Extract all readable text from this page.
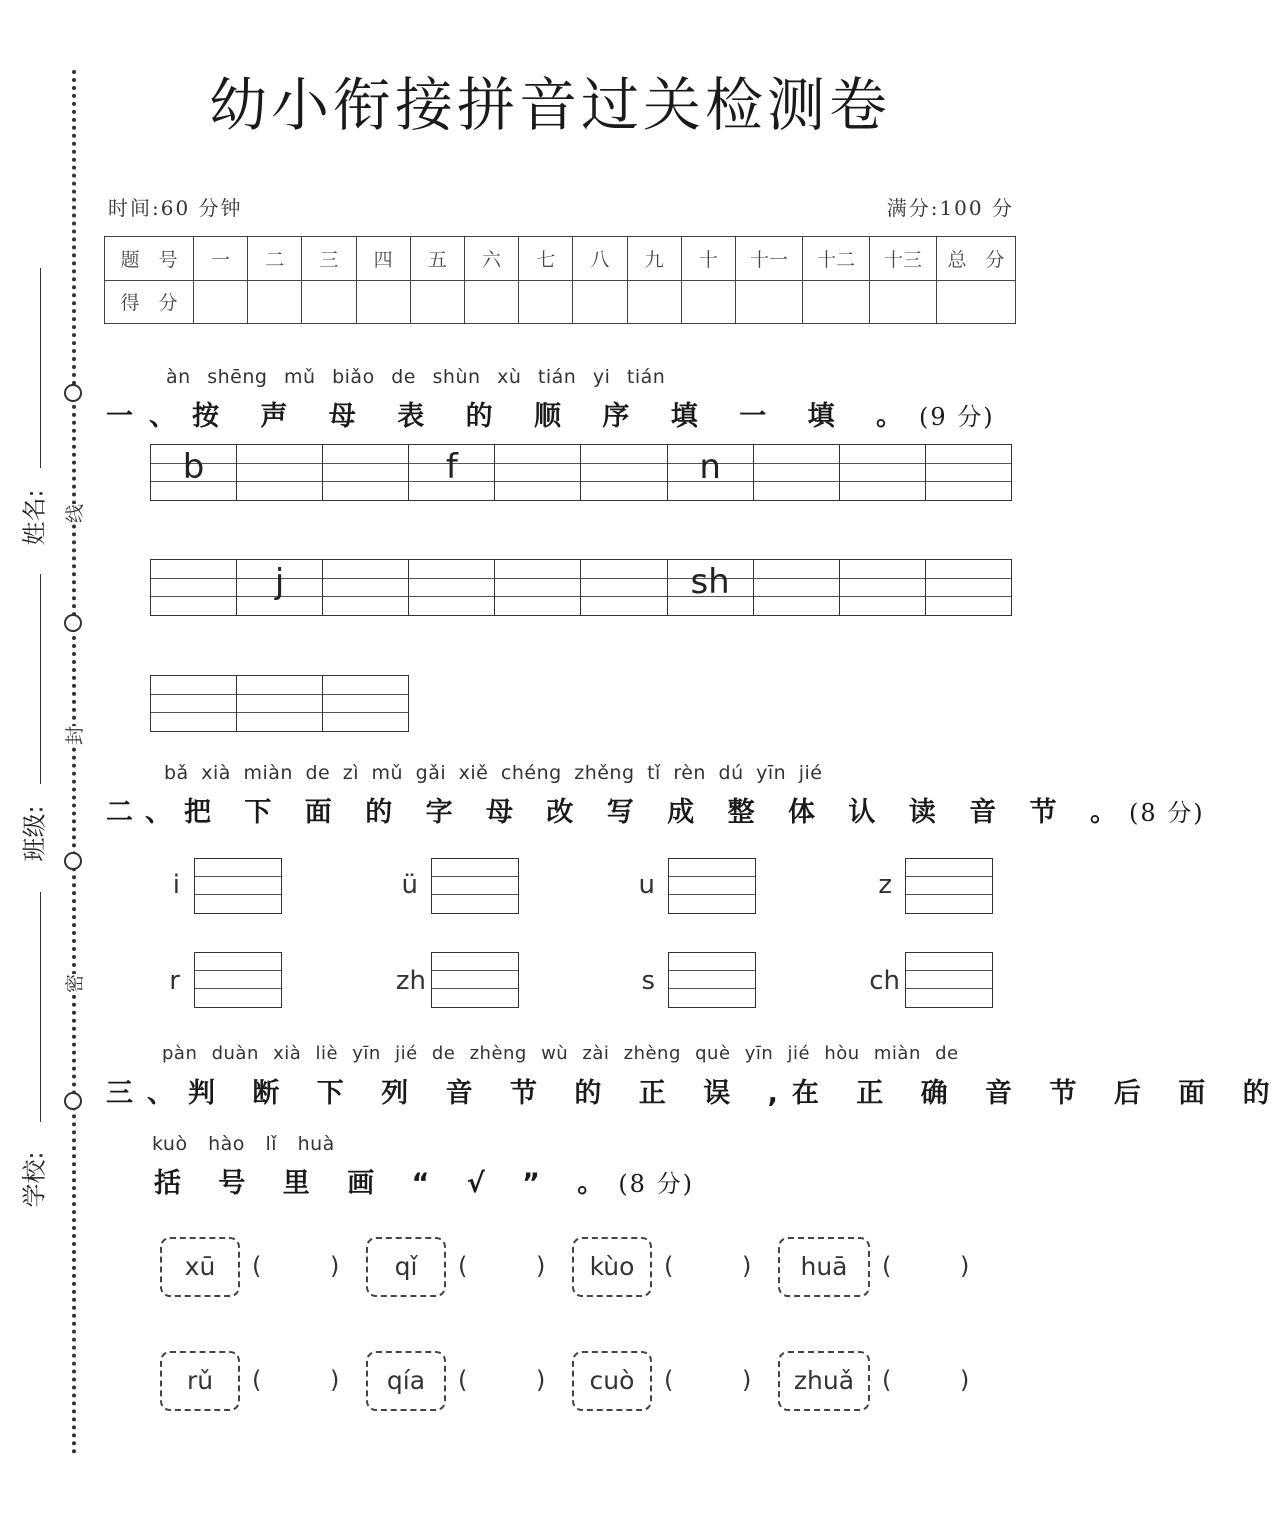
线
封
密
姓名:
班级:
学校:
幼小衔接拼音过关检测卷
时间:60 分钟	满分:100 分
题　号	一	二	三	四	五	六	七	八	九	十	十一	十二	十三	总　分
得　分														
àn shēng mǔ biǎo de shùn xù tián yi tián
一、按 声 母 表 的 顺 序 填 一 填 。(9 分)
b	f	n
j	sh
bǎ xià miàn de zì mǔ gǎi xiě chéng zhěng tǐ rèn dú yīn jié
二、把 下 面 的 字 母 改 写 成 整 体 认 读 音 节 。(8 分)
i	ü	u	z
r	zh	s	ch
pàn duàn xià liè yīn jié de zhèng wù zài zhèng què yīn jié hòu miàn de
三、判 断 下 列 音 节 的 正 误 ,在 正 确 音 节 后 面 的
kuò hào lǐ huà
括 号 里 画 “ √ ” 。(8 分)
xū	(	)	qǐ	(	)	kùo	(	)	huā	(	)
rǔ	(	)	qía	(	)	cuò	(	)	zhuǎ	(	)
